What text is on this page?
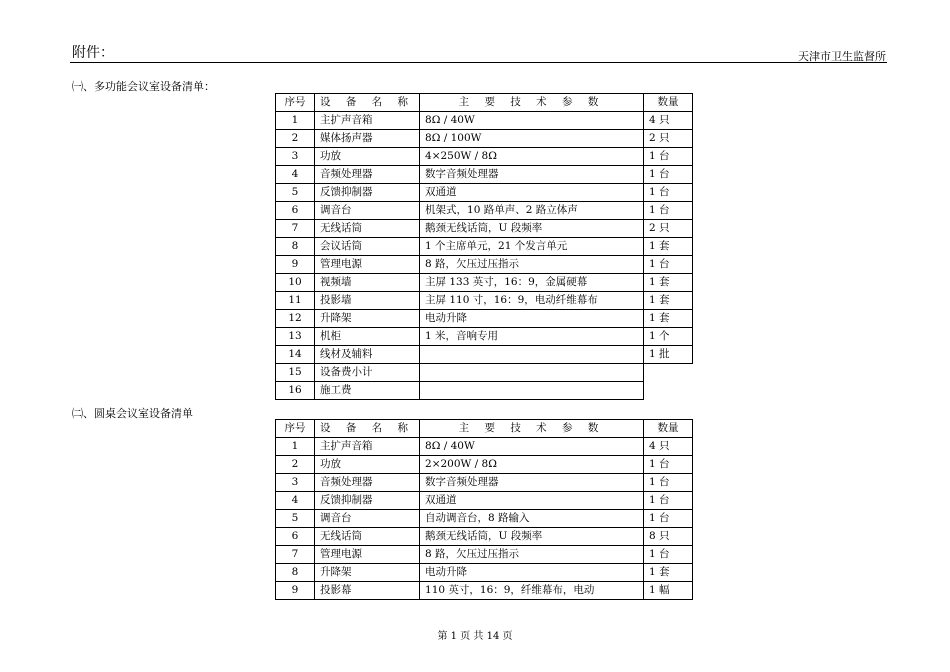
附件：	天津市卫生监督所
㈠、多功能会议室设备清单：
序号	设 备 名 称	主 要 技 术 参 数	数量
1	主扩声音箱	8Ω / 40W	4 只
2	媒体扬声器	8Ω / 100W	2 只
3	功放	4×250W / 8Ω	1 台
4	音频处理器	数字音频处理器	1 台
5	反馈抑制器	双通道	1 台
6	调音台	机架式，10 路单声、2 路立体声	1 台
7	无线话筒	鹅颈无线话筒，U 段频率	2 只
8	会议话筒	1 个主席单元，21 个发言单元	1 套
9	管理电源	8 路，欠压过压指示	1 台
10	视频墙	主屏 133 英寸，16：9，金属硬幕	1 套
11	投影墙	主屏 110 寸，16：9，电动纤维幕布	1 套
12	升降架	电动升降	1 套
13	机柜	1 米，音响专用	1 个
14	线材及辅料		1 批
15	设备费小计		
16	施工费		
㈡、圆桌会议室设备清单
序号	设 备 名 称	主 要 技 术 参 数	数量
1	主扩声音箱	8Ω / 40W	4 只
2	功放	2×200W / 8Ω	1 台
3	音频处理器	数字音频处理器	1 台
4	反馈抑制器	双通道	1 台
5	调音台	自动调音台，8 路输入	1 台
6	无线话筒	鹅颈无线话筒，U 段频率	8 只
7	管理电源	8 路，欠压过压指示	1 台
8	升降架	电动升降	1 套
9	投影幕	110 英寸，16：9，纤维幕布，电动	1 幅
第 1 页 共 14 页
